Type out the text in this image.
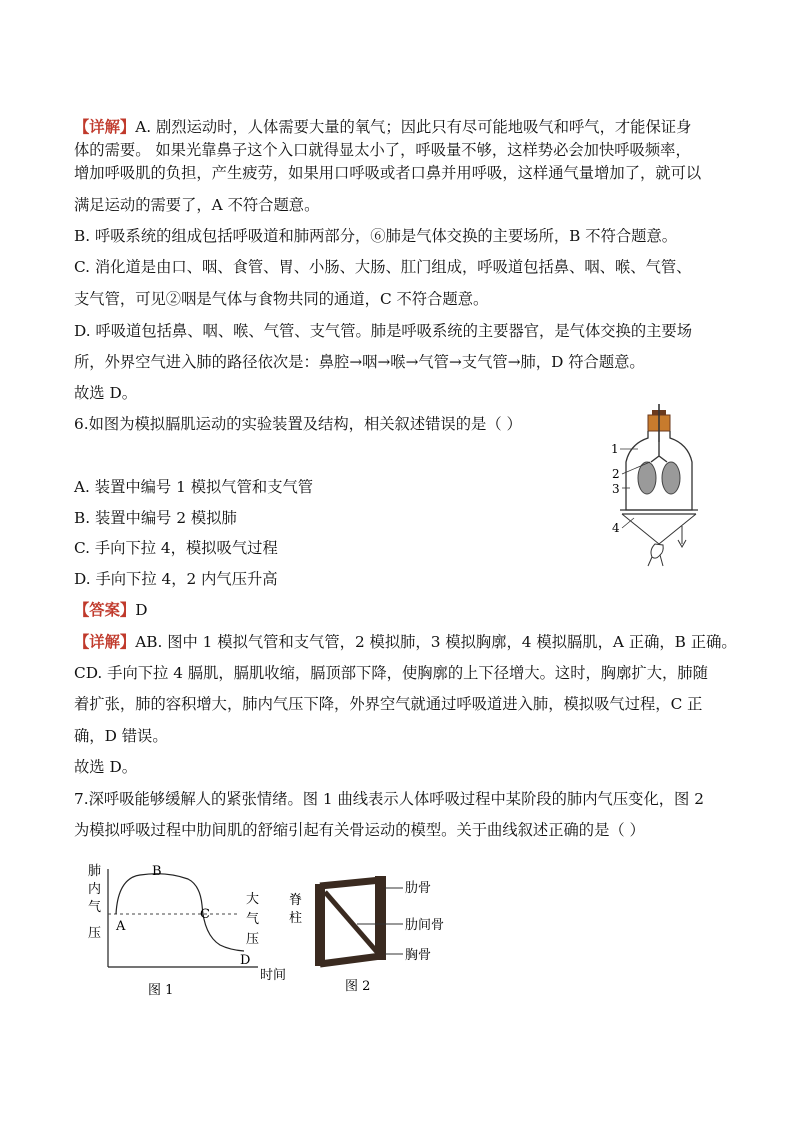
【详解】A. 剧烈运动时，人体需要大量的氧气；因此只有尽可能地吸气和呼气，才能保证身
体的需要。 如果光靠鼻子这个入口就得显太小了，呼吸量不够，这样势必会加快呼吸频率，
增加呼吸肌的负担，产生疲劳，如果用口呼吸或者口鼻并用呼吸，这样通气量增加了，就可以
满足运动的需要了，A 不符合题意。
B. 呼吸系统的组成包括呼吸道和肺两部分，⑥肺是气体交换的主要场所，B 不符合题意。
C. 消化道是由口、咽、食管、胃、小肠、大肠、肛门组成，呼吸道包括鼻、咽、喉、气管、
支气管，可见②咽是气体与食物共同的通道，C 不符合题意。
D. 呼吸道包括鼻、咽、喉、气管、支气管。肺是呼吸系统的主要器官，是气体交换的主要场
所，外界空气进入肺的路径依次是：鼻腔→咽→喉→气管→支气管→肺，D 符合题意。
故选 D。
6.如图为模拟膈肌运动的实验装置及结构，相关叙述错误的是（ ）
A. 装置中编号 1 模拟气管和支气管
B. 装置中编号 2 模拟肺
C. 手向下拉 4，模拟吸气过程
D. 手向下拉 4，2 内气压升高
【答案】D
【详解】AB. 图中 1 模拟气管和支气管，2 模拟肺，3 模拟胸廓，4 模拟膈肌，A 正确，B 正确。
CD. 手向下拉 4 膈肌，膈肌收缩，膈顶部下降，使胸廓的上下径增大。这时，胸廓扩大，肺随
着扩张，肺的容积增大，肺内气压下降，外界空气就通过呼吸道进入肺，模拟吸气过程，C 正
确，D 错误。
故选 D。
1
2
3
4
7.深呼吸能够缓解人的紧张情绪。图 1 曲线表示人体呼吸过程中某阶段的肺内气压变化，图 2
为模拟呼吸过程中肋间肌的舒缩引起有关骨运动的模型。关于曲线叙述正确的是（ ）
肺
内
气
压 A
B
C
D
大
气
压
时间
图 1
脊
柱
肋骨
肋间骨
胸骨
图 2
